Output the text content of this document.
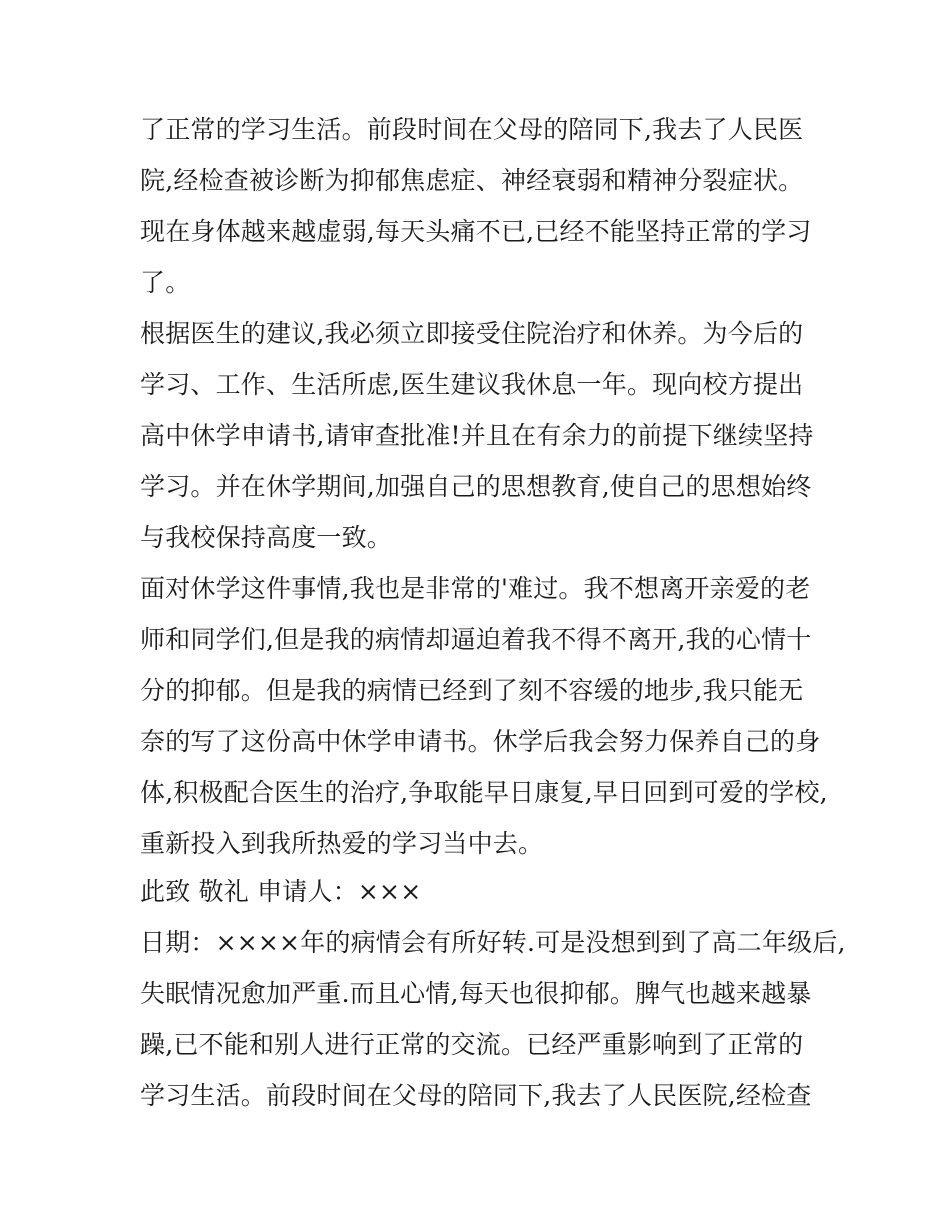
了正常的学习生活。前段时间在父母的陪同下,我去了人民医

院,经检查被诊断为抑郁焦虑症、神经衰弱和精神分裂症状。

现在身体越来越虚弱,每天头痛不已,已经不能坚持正常的学习

了。

根据医生的建议,我必须立即接受住院治疗和休养。为今后的

学习、工作、生活所虑,医生建议我休息一年。现向校方提出

高中休学申请书,请审查批准!并且在有余力的前提下继续坚持

学习。并在休学期间,加强自己的思想教育,使自己的思想始终

与我校保持高度一致。

面对休学这件事情,我也是非常的'难过。我不想离开亲爱的老

师和同学们,但是我的病情却逼迫着我不得不离开,我的心情十

分的抑郁。但是我的病情已经到了刻不容缓的地步,我只能无

奈的写了这份高中休学申请书。休学后我会努力保养自己的身

体,积极配合医生的治疗,争取能早日康复,早日回到可爱的学校,

重新投入到我所热爱的学习当中去。

此致 敬礼 申请人：×××

日期：××××年的病情会有所好转.可是没想到到了高二年级后,

失眠情况愈加严重.而且心情,每天也很抑郁。脾气也越来越暴

躁,已不能和别人进行正常的交流。已经严重影响到了正常的

学习生活。前段时间在父母的陪同下,我去了人民医院,经检查
